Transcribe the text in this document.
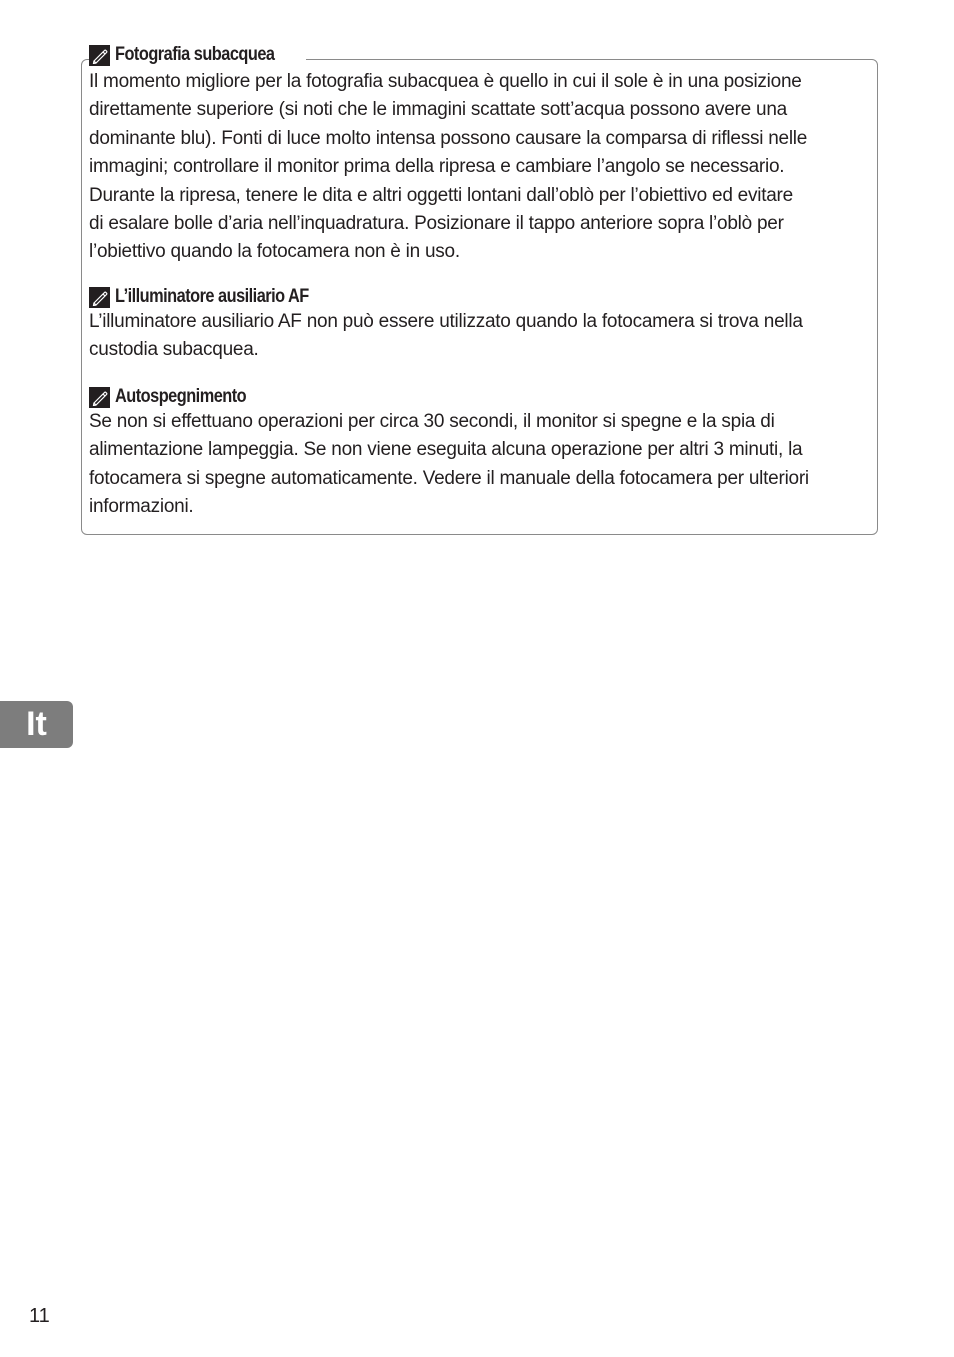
Fotografia subacquea

Il momento migliore per la fotografia subacquea è quello in cui il sole è in una posizione
direttamente superiore (si noti che le immagini scattate sott’acqua possono avere una
dominante blu). Fonti di luce molto intensa possono causare la comparsa di riflessi nelle
immagini; controllare il monitor prima della ripresa e cambiare l’angolo se necessario.
Durante la ripresa, tenere le dita e altri oggetti lontani dall’oblò per l’obiettivo ed evitare
di esalare bolle d’aria nell’inquadratura. Posizionare il tappo anteriore sopra l’oblò per
l’obiettivo quando la fotocamera non è in uso.

L’illuminatore ausiliario AF

L’illuminatore ausiliario AF non può essere utilizzato quando la fotocamera si trova nella
custodia subacquea.

Autospegnimento

Se non si effettuano operazioni per circa 30 secondi, il monitor si spegne e la spia di
alimentazione lampeggia. Se non viene eseguita alcuna operazione per altri 3 minuti, la
fotocamera si spegne automaticamente. Vedere il manuale della fotocamera per ulteriori
informazioni.

It
11
